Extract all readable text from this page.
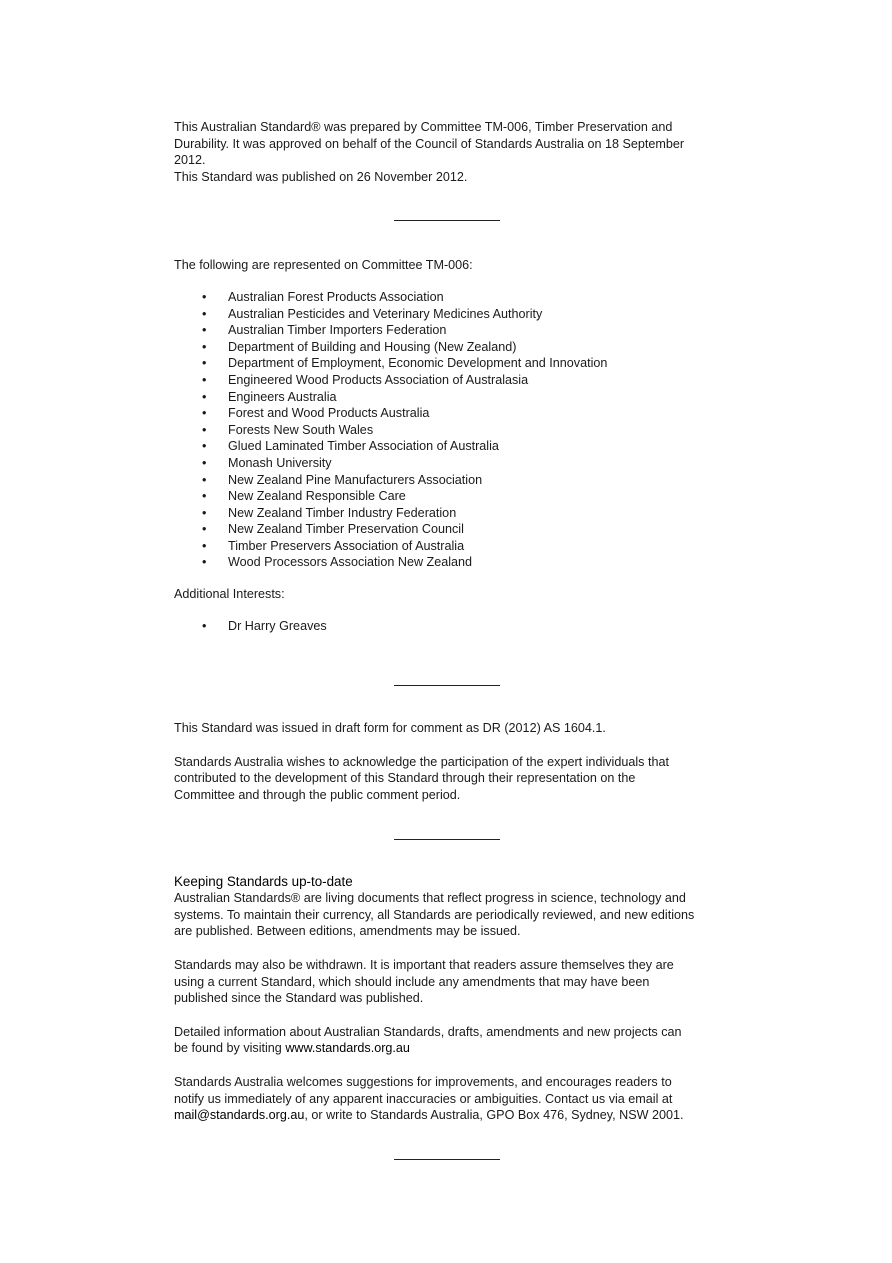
This Australian Standard® was prepared by Committee TM-006, Timber Preservation and
Durability. It was approved on behalf of the Council of Standards Australia on 18 September
2012.
This Standard was published on 26 November 2012.

The following are represented on Committee TM-006:

• Australian Forest Products Association
• Australian Pesticides and Veterinary Medicines Authority
• Australian Timber Importers Federation
• Department of Building and Housing (New Zealand)
• Department of Employment, Economic Development and Innovation
• Engineered Wood Products Association of Australasia
• Engineers Australia
• Forest and Wood Products Australia
• Forests New South Wales
• Glued Laminated Timber Association of Australia
• Monash University
• New Zealand Pine Manufacturers Association
• New Zealand Responsible Care
• New Zealand Timber Industry Federation
• New Zealand Timber Preservation Council
• Timber Preservers Association of Australia
• Wood Processors Association New Zealand

Additional Interests:

• Dr Harry Greaves

This Standard was issued in draft form for comment as DR (2012) AS 1604.1.

Standards Australia wishes to acknowledge the participation of the expert individuals that
contributed to the development of this Standard through their representation on the
Committee and through the public comment period.

Keeping Standards up-to-date

Australian Standards® are living documents that reflect progress in science, technology and
systems. To maintain their currency, all Standards are periodically reviewed, and new editions
are published. Between editions, amendments may be issued.

Standards may also be withdrawn. It is important that readers assure themselves they are
using a current Standard, which should include any amendments that may have been
published since the Standard was published.

Detailed information about Australian Standards, drafts, amendments and new projects can
be found by visiting www.standards.org.au

Standards Australia welcomes suggestions for improvements, and encourages readers to
notify us immediately of any apparent inaccuracies or ambiguities. Contact us via email at
mail@standards.org.au, or write to Standards Australia, GPO Box 476, Sydney, NSW 2001.
